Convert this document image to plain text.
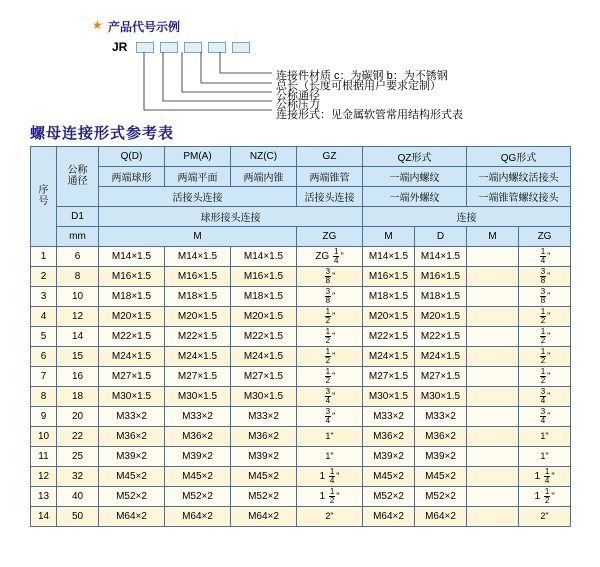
★ 产品代号示例
JR

连接件材质 c：为碳钢 b：为不锈钢
总长（长度可根据用户要求定制）
公称通径
公称压力
连接形式：见金属软管常用结构形式表
螺母连接形式参考表
序
号	公称
通径	Q(D)	PM(A)	NZ(C)	GZ	QZ形式		QG形式	
		两端球形	两端平面	两端内锥	两端锥管	一端内螺纹		一端内螺纹活接头	
		活接头连接			活接头连接	一端外螺纹		一端锥管螺纹接头	
	D1	球形接头连接				连接			
	mm	M			ZG	M	D	M	ZG
1	6	M14×1.5	M14×1.5	M14×1.5	ZG $\frac{1}{4}$ "	M14×1.5	M14×1.5		$\frac{1}{4}$ "
2	8	M16×1.5	M16×1.5	M16×1.5	$\frac{3}{8}$ "	M16×1.5	M16×1.5		$\frac{3}{8}$ "
3	10	M18×1.5	M18×1.5	M18×1.5	$\frac{3}{8}$ "	M18×1.5	M18×1.5		$\frac{3}{8}$ "
4	12	M20×1.5	M20×1.5	M20×1.5	$\frac{1}{2}$ "	M20×1.5	M20×1.5		$\frac{1}{2}$ "
5	14	M22×1.5	M22×1.5	M22×1.5	$\frac{1}{2}$ "	M22×1.5	M22×1.5		$\frac{1}{2}$ "
6	15	M24×1.5	M24×1.5	M24×1.5	$\frac{1}{2}$ "	M24×1.5	M24×1.5		$\frac{1}{2}$ "
7	16	M27×1.5	M27×1.5	M27×1.5	$\frac{1}{2}$ "	M27×1.5	M27×1.5		$\frac{1}{2}$ "
8	18	M30×1.5	M30×1.5	M30×1.5	$\frac{3}{4}$ "	M30×1.5	M30×1.5		$\frac{3}{4}$ "
9	20	M33×2	M33×2	M33×2	$\frac{3}{4}$ "	M33×2	M33×2		$\frac{3}{4}$ "
10	22	M36×2	M36×2	M36×2	1"	M36×2	M36×2		1"
11	25	M39×2	M39×2	M39×2	1"	M39×2	M39×2		1"
12	32	M45×2	M45×2	M45×2	$1 \frac{1}{4}$ "	M45×2	M45×2		$1 \frac{1}{4}$ "
13	40	M52×2	M52×2	M52×2	$1 \frac{1}{2}$ "	M52×2	M52×2		$1 \frac{1}{2}$ "
14	50	M64×2	M64×2	M64×2	2"	M64×2	M64×2		2"
